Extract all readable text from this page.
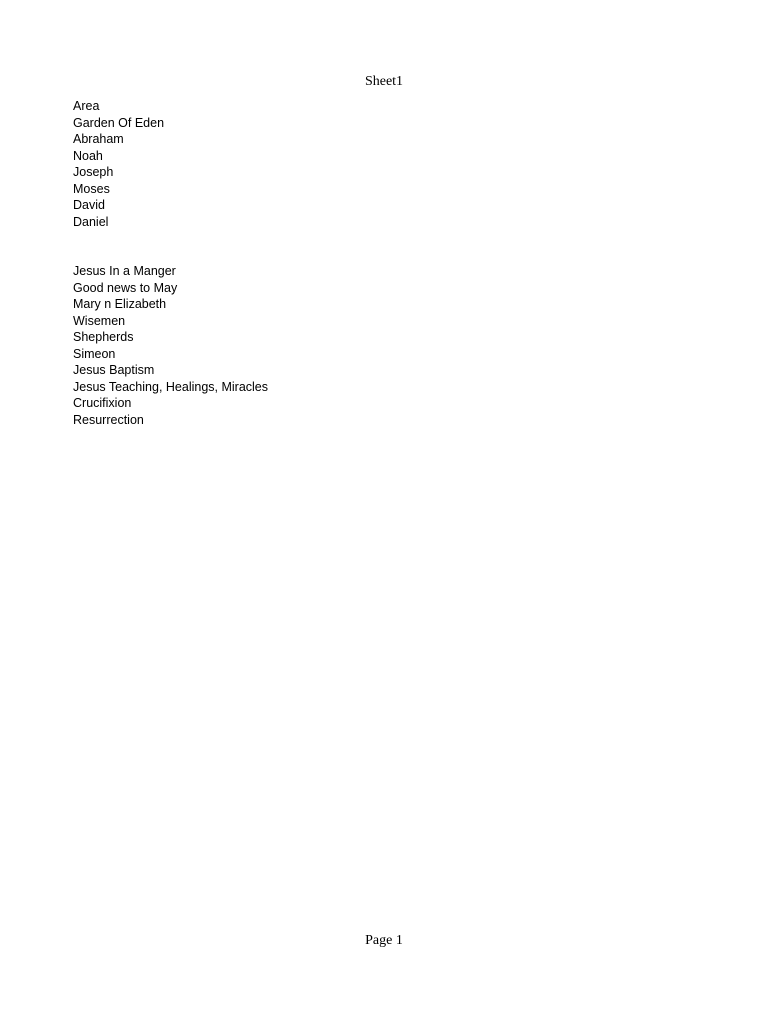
Sheet1
Area
Garden Of Eden
Abraham
Noah
Joseph
Moses
David
Daniel
Jesus In a Manger
Good news to May
Mary n Elizabeth
Wisemen
Shepherds
Simeon
Jesus Baptism
Jesus Teaching, Healings, Miracles
Crucifixion
Resurrection
Page 1
